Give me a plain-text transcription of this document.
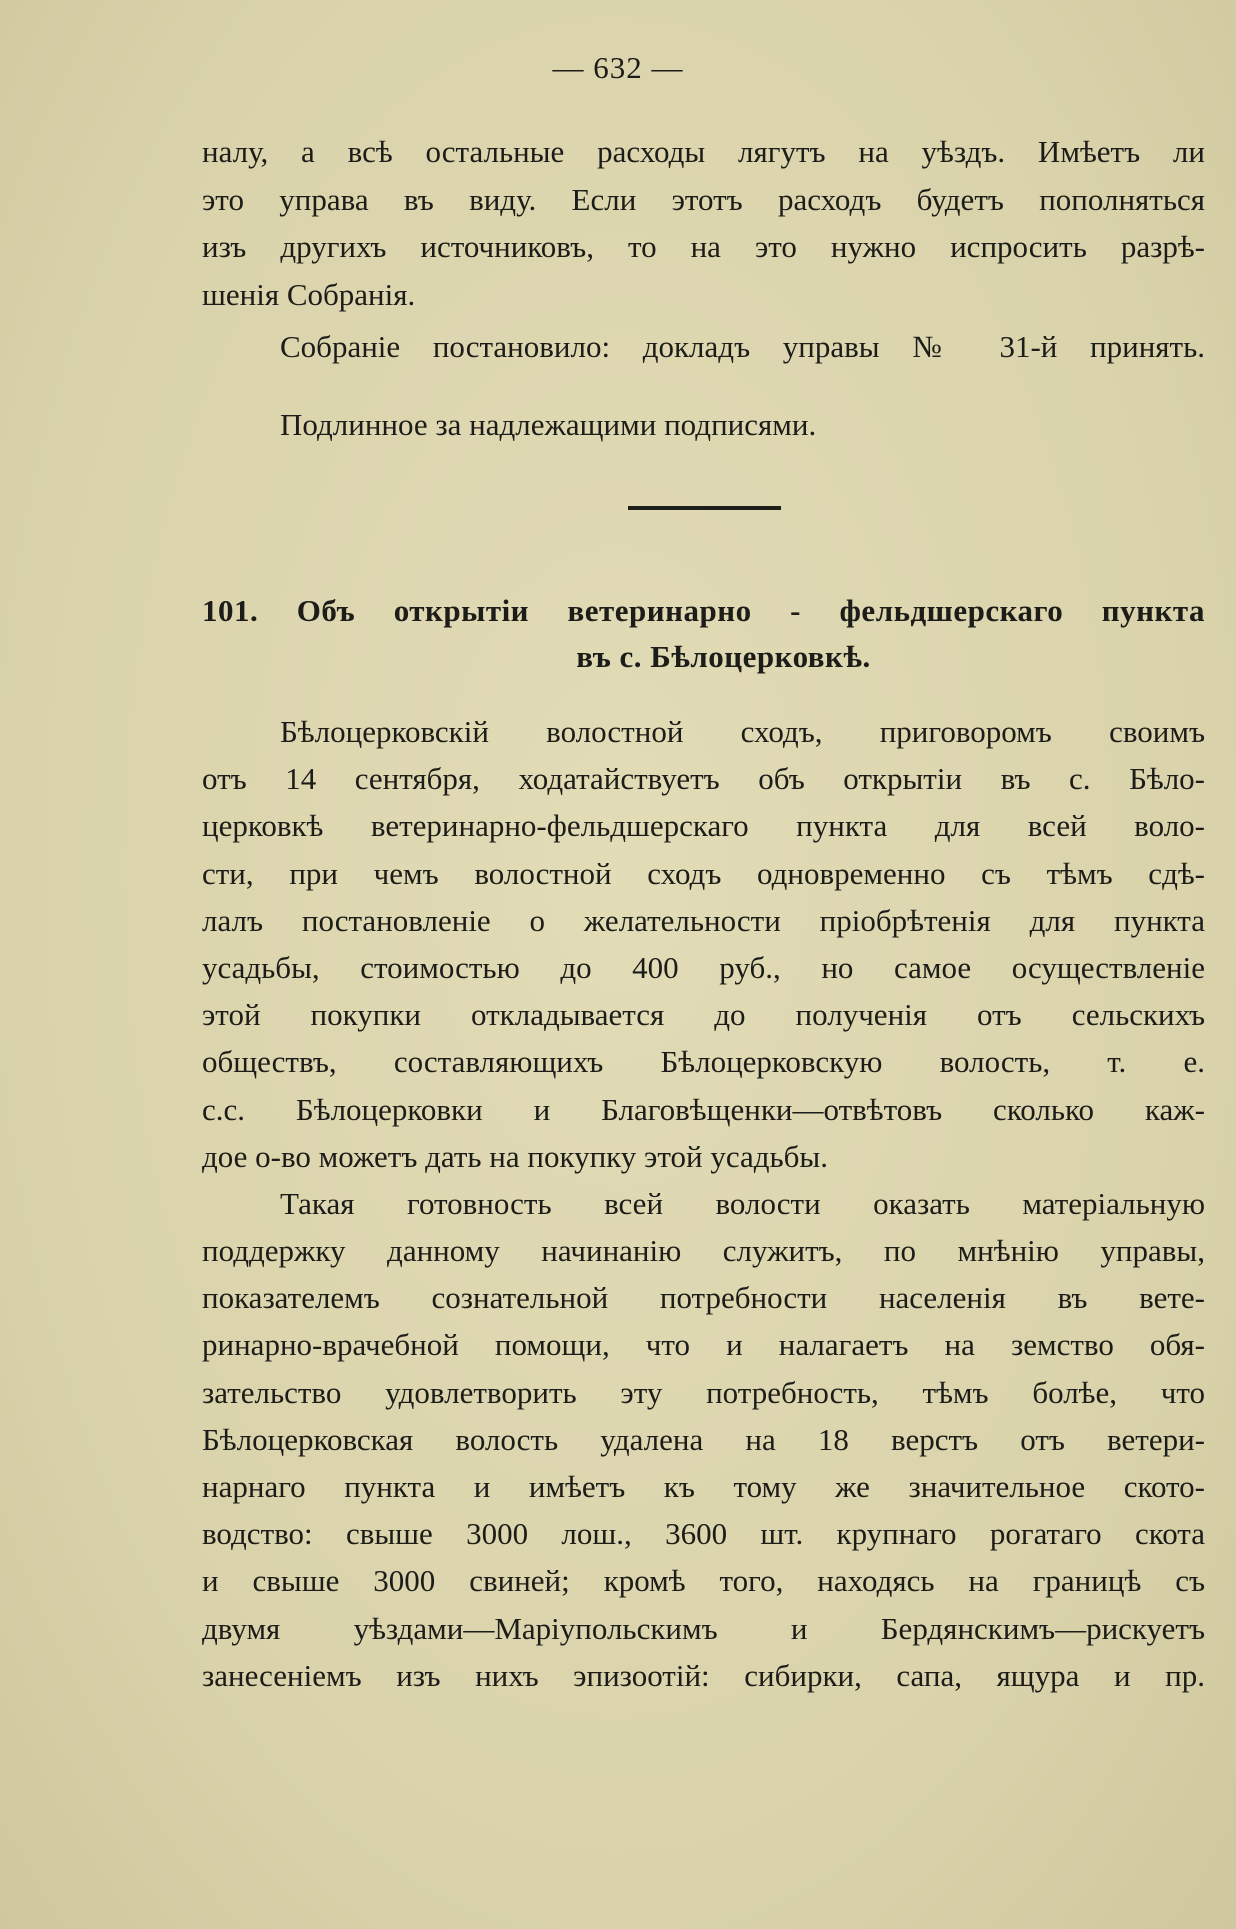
— 632 —

налу, а всѣ остальные расходы лягутъ на уѣздъ. Имѣетъ ли
это управа въ виду. Если этотъ расходъ будетъ пополняться
изъ другихъ источниковъ, то на это нужно испросить разрѣ-
шенія Собранія.

Собраніе постановило: докладъ управы № 31-й принять.

Подлинное за надлежащими подписями.

101. Объ открытіи ветеринарно - фельдшерскаго пункта
въ с. Бѣлоцерковкѣ.

Бѣлоцерковскій волостной сходъ, приговоромъ своимъ
отъ 14 сентября, ходатайствуетъ объ открытіи въ с. Бѣло-
церковкѣ ветеринарно-фельдшерскаго пункта для всей воло-
сти, при чемъ волостной сходъ одновременно съ тѣмъ сдѣ-
лалъ постановленіе о желательности пріобрѣтенія для пункта
усадьбы, стоимостью до 400 руб., но самое осуществленіе
этой покупки откладывается до полученія отъ сельскихъ
обществъ, составляющихъ Бѣлоцерковскую волость, т. е.
с.с. Бѣлоцерковки и Благовѣщенки—отвѣтовъ сколько каж-
дое о-во можетъ дать на покупку этой усадьбы.

Такая готовность всей волости оказать матеріальную
поддержку данному начинанію служитъ, по мнѣнію управы,
показателемъ сознательной потребности населенія въ вете-
ринарно-врачебной помощи, что и налагаетъ на земство обя-
зательство удовлетворить эту потребность, тѣмъ болѣе, что
Бѣлоцерковская волость удалена на 18 верстъ отъ ветери-
нарнаго пункта и имѣетъ къ тому же значительное ското-
водство: свыше 3000 лош., 3600 шт. крупнаго рогатаго скота
и свыше 3000 свиней; кромѣ того, находясь на границѣ съ
двумя уѣздами—Маріупольскимъ и Бердянскимъ—рискуетъ
занесеніемъ изъ нихъ эпизоотій: сибирки, сапа, ящура и пр.
